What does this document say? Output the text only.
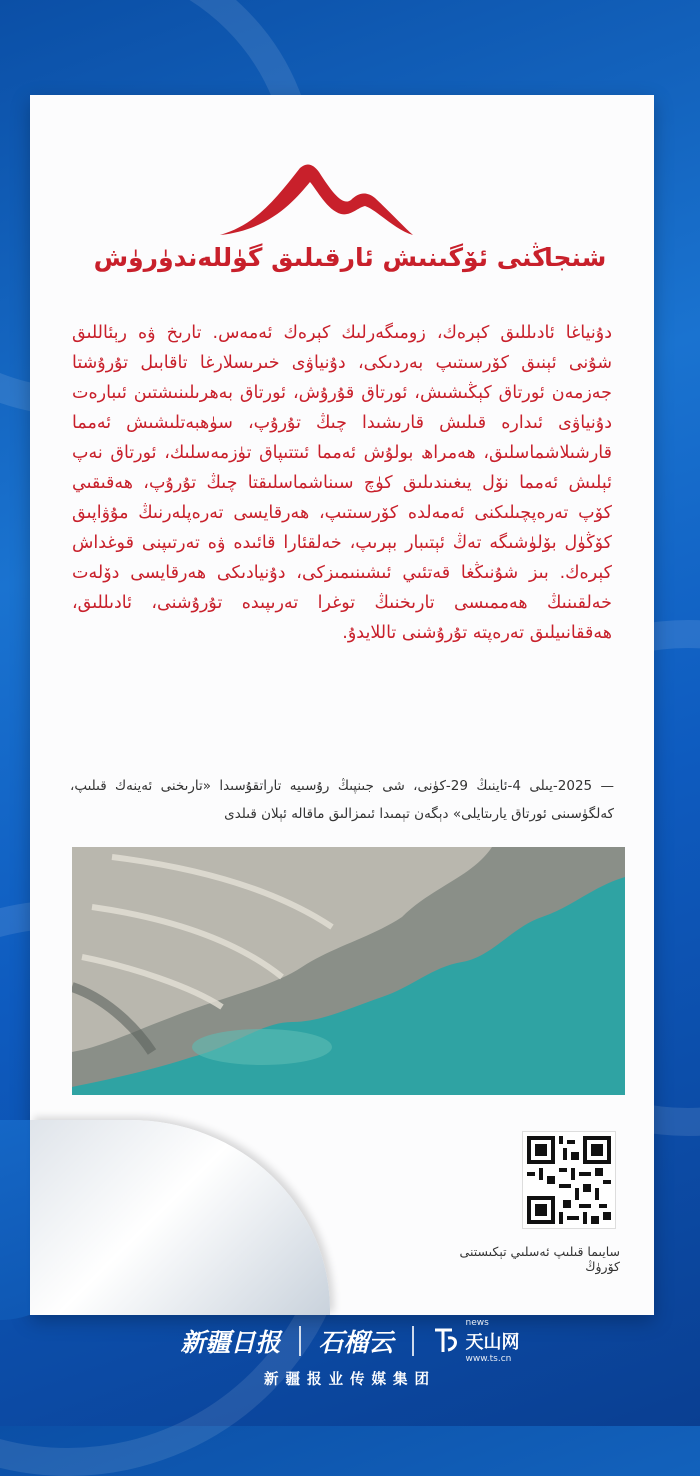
شنجاڭنى ئۆگىنىش ئارقىلىق گۈللەندۈرۈش
دۇنياغا ئادىللىق كېرەك، زومىگەرلىك كېرەك ئەمەس. تارىخ ۋە رېئاللىق شۇنى ئېنىق كۆرسىتىپ بەردىكى، دۇنياۋى خىرىسلارغا تاقابىل تۇرۇشتا جەزمەن ئورتاق كېڭىشىش، ئورتاق قۇرۇش، ئورتاق بەھرىلىنىشتىن ئىبارەت دۇنياۋى ئىدارە قىلىش قارىشىدا چىڭ تۇرۇپ، سۈھبەتلىشىش ئەمما قارشىلاشماسلىق، ھەمراھ بولۇش ئەمما ئىتتىپاق تۈزمەسلىك، ئورتاق نەپ ئېلىش ئەمما نۆل يىغىندىلىق كۈچ سىناشماسلىقتا چىڭ تۇرۇپ، ھەقىقىي كۆپ تەرەپچىلىكنى ئەمەلدە كۆرسىتىپ، ھەرقايسى تەرەپلەرنىڭ مۇۋاپىق كۆڭۈل بۆلۈشىگە تەڭ ئېتىبار بېرىپ، خەلقئارا قائىدە ۋە تەرتىپنى قوغداش كېرەك. بىز شۇنىڭغا قەتئىي ئىشىنىمىزكى، دۇنيادىكى ھەرقايسى دۆلەت خەلقىنىڭ ھەممىسى تارىخنىڭ توغرا تەرىپىدە تۇرۇشنى، ئادىللىق، ھەققانىيلىق تەرەپتە تۇرۇشنى تاللايدۇ.
— 2025-يىلى 4-ئاينىڭ 29-كۈنى، شى جىنپىڭ رۇسىيە تاراتقۇسىدا «تارىخنى ئەينەك قىلىپ، كەلگۈسىنى ئورتاق يارىتايلى» دېگەن تېمىدا ئىمزالىق ماقالە ئېلان قىلدى
سايىما قىلىپ ئەسلىي تېكىستنى كۆرۈڭ
新疆日报 石榴云
news
天山网
www.ts.cn
新疆报业传媒集团
